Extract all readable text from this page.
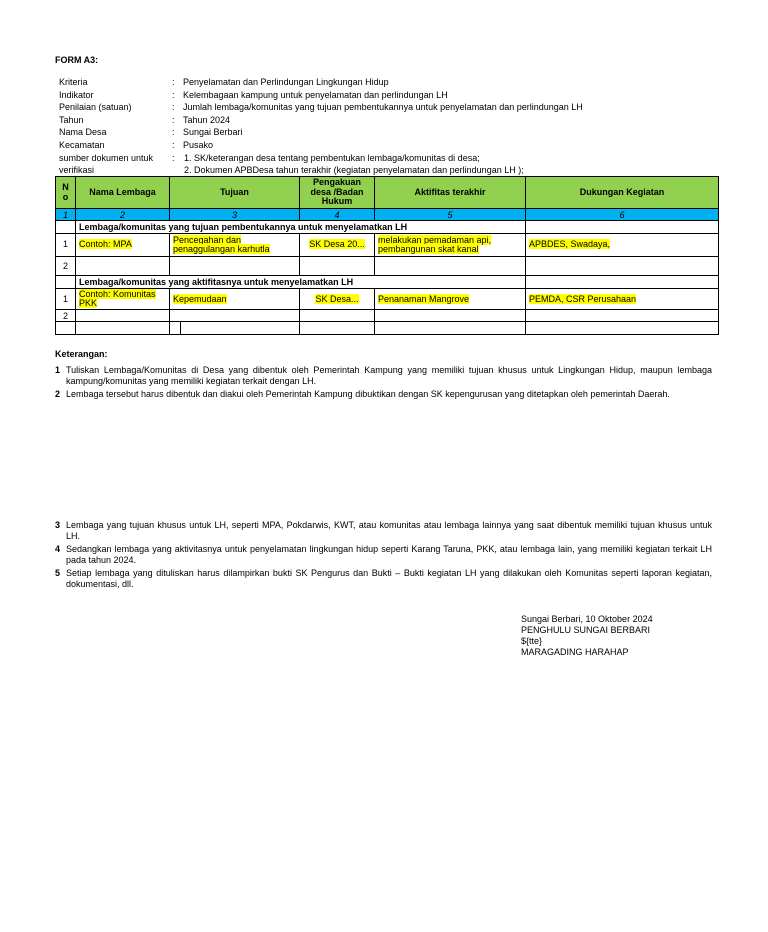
FORM A3:
Kriteria	: Penyelamatan dan Perlindungan Lingkungan Hidup
Indikator	: Kelembagaan kampung untuk penyelamatan dan perlindungan LH
Penilaian (satuan)	: Jumlah lembaga/komunitas yang tujuan pembentukannya untuk penyelamatan dan perlindungan LH
Tahun	: Tahun 2024
Nama Desa	: Sungai Berbari
Kecamatan	: Pusako
sumber dokumen untuk
verifikasi
:	1. SK/keterangan desa tentang pembentukan lembaga/komunitas di desa;
2. Dokumen APBDesa tahun terakhir (kegiatan penyelamatan dan perlindungan LH );
N o	Nama Lembaga	Tujuan	Pengakuan desa /Badan Hukum	Aktifitas terakhir	Dukungan Kegiatan
1	2	3	4	5	6
	Lembaga/komunitas yang tujuan pembentukannya untuk menyelamatkan LH				
1	Contoh: MPA	Pencegahan dan penaggulangan karhutla	SK Desa 20...	melakukan pemadaman api, pembangunan skat kanal	APBDES, Swadaya,
2					
	Lembaga/komunitas yang aktifitasnya untuk menyelamatkan LH				
1	Contoh: Komunitas PKK	Kepemudaan	SK Desa...	Penanaman Mangrove	PEMDA, CSR Perusahaan
2					

Keterangan:
1 Tuliskan Lembaga/Komunitas di Desa yang dibentuk oleh Pemerintah Kampung yang memiliki tujuan khusus untuk Lingkungan Hidup, maupun lembaga kampung/komunitas yang memiliki kegiatan terkait dengan LH.
2 Lembaga tersebut harus dibentuk dan diakui oleh Pemerintah Kampung dibuktikan dengan SK kepengurusan yang ditetapkan oleh pemerintah Daerah.
3 Lembaga yang tujuan khusus untuk LH, seperti MPA, Pokdarwis, KWT, atau komunitas atau lembaga lainnya yang saat dibentuk memiliki tujuan khusus untuk LH.
4 Sedangkan lembaga yang aktivitasnya untuk penyelamatan lingkungan hidup seperti Karang Taruna, PKK, atau lembaga lain, yang memiliki kegiatan terkait LH pada tahun 2024.
5 Setiap lembaga yang dituliskan harus dilampirkan bukti SK Pengurus dan Bukti – Bukti kegiatan LH yang dilakukan oleh Komunitas seperti laporan kegiatan, dokumentasi, dll.
Sungai Berbari, 10 Oktober 2024
PENGHULU SUNGAI BERBARI
${tte}
MARAGADING HARAHAP
